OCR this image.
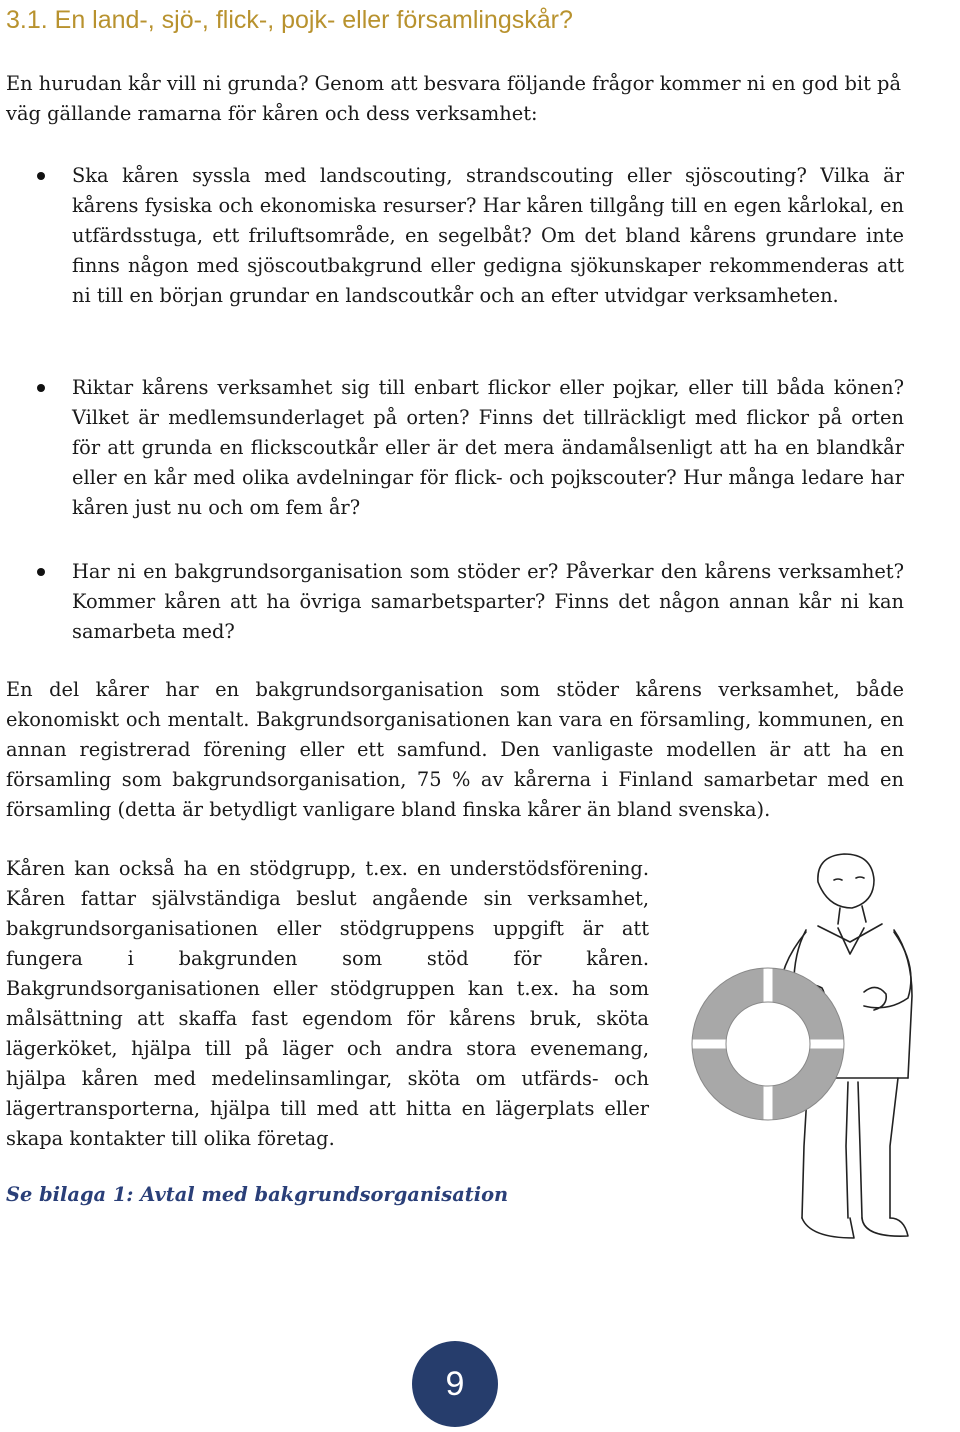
3.1. En land-, sjö-, flick-, pojk- eller församlingskår?

En hurudan kår vill ni grunda? Genom att besvara följande frågor kommer ni en god bit på väg gällande ramarna för kåren och dess verksamhet:

Ska kåren syssla med landscouting, strandscouting eller sjöscouting? Vilka är kårens fysiska och ekonomiska resurser? Har kåren tillgång till en egen kårlokal, en utfärdsstuga, ett friluftsområde, en segelbåt? Om det bland kårens grundare inte finns någon med sjöscoutbakgrund eller gedigna sjökunskaper rekommenderas att ni till en början grundar en landscoutkår och an efter utvidgar verksamheten.
Riktar kårens verksamhet sig till enbart flickor eller pojkar, eller till båda könen? Vilket är medlemsunderlaget på orten? Finns det tillräckligt med flickor på orten för att grunda en flickscoutkår eller är det mera ändamålsenligt att ha en blandkår eller en kår med olika avdelningar för flick- och pojkscouter? Hur många ledare har kåren just nu och om fem år?
Har ni en bakgrundsorganisation som stöder er? Påverkar den kårens verksamhet? Kommer kåren att ha övriga samarbetsparter? Finns det någon annan kår ni kan samarbeta med?

En del kårer har en bakgrundsorganisation som stöder kårens verksamhet, både ekonomiskt och mentalt. Bakgrundsorganisationen kan vara en församling, kommunen, en annan registrerad förening eller ett samfund. Den vanligaste modellen är att ha en församling som bakgrundsorganisation, 75 % av kårerna i Finland samarbetar med en församling (detta är betydligt vanligare bland finska kårer än bland svenska).

Kåren kan också ha en stödgrupp, t.ex. en understödsförening. Kåren fattar självständiga beslut angående sin verksamhet, bakgrundsorganisationen eller stödgruppens uppgift är att fungera i bakgrunden som stöd för kåren. Bakgrundsorganisationen eller stödgruppen kan t.ex. ha som målsättning att skaffa fast egendom för kårens bruk, sköta lägerköket, hjälpa till på läger och andra stora evenemang, hjälpa kåren med medelinsamlingar, sköta om utfärds- och lägertransporterna, hjälpa till med att hitta en lägerplats eller skapa kontakter till olika företag.

Se bilaga 1: Avtal med bakgrundsorganisation

9
